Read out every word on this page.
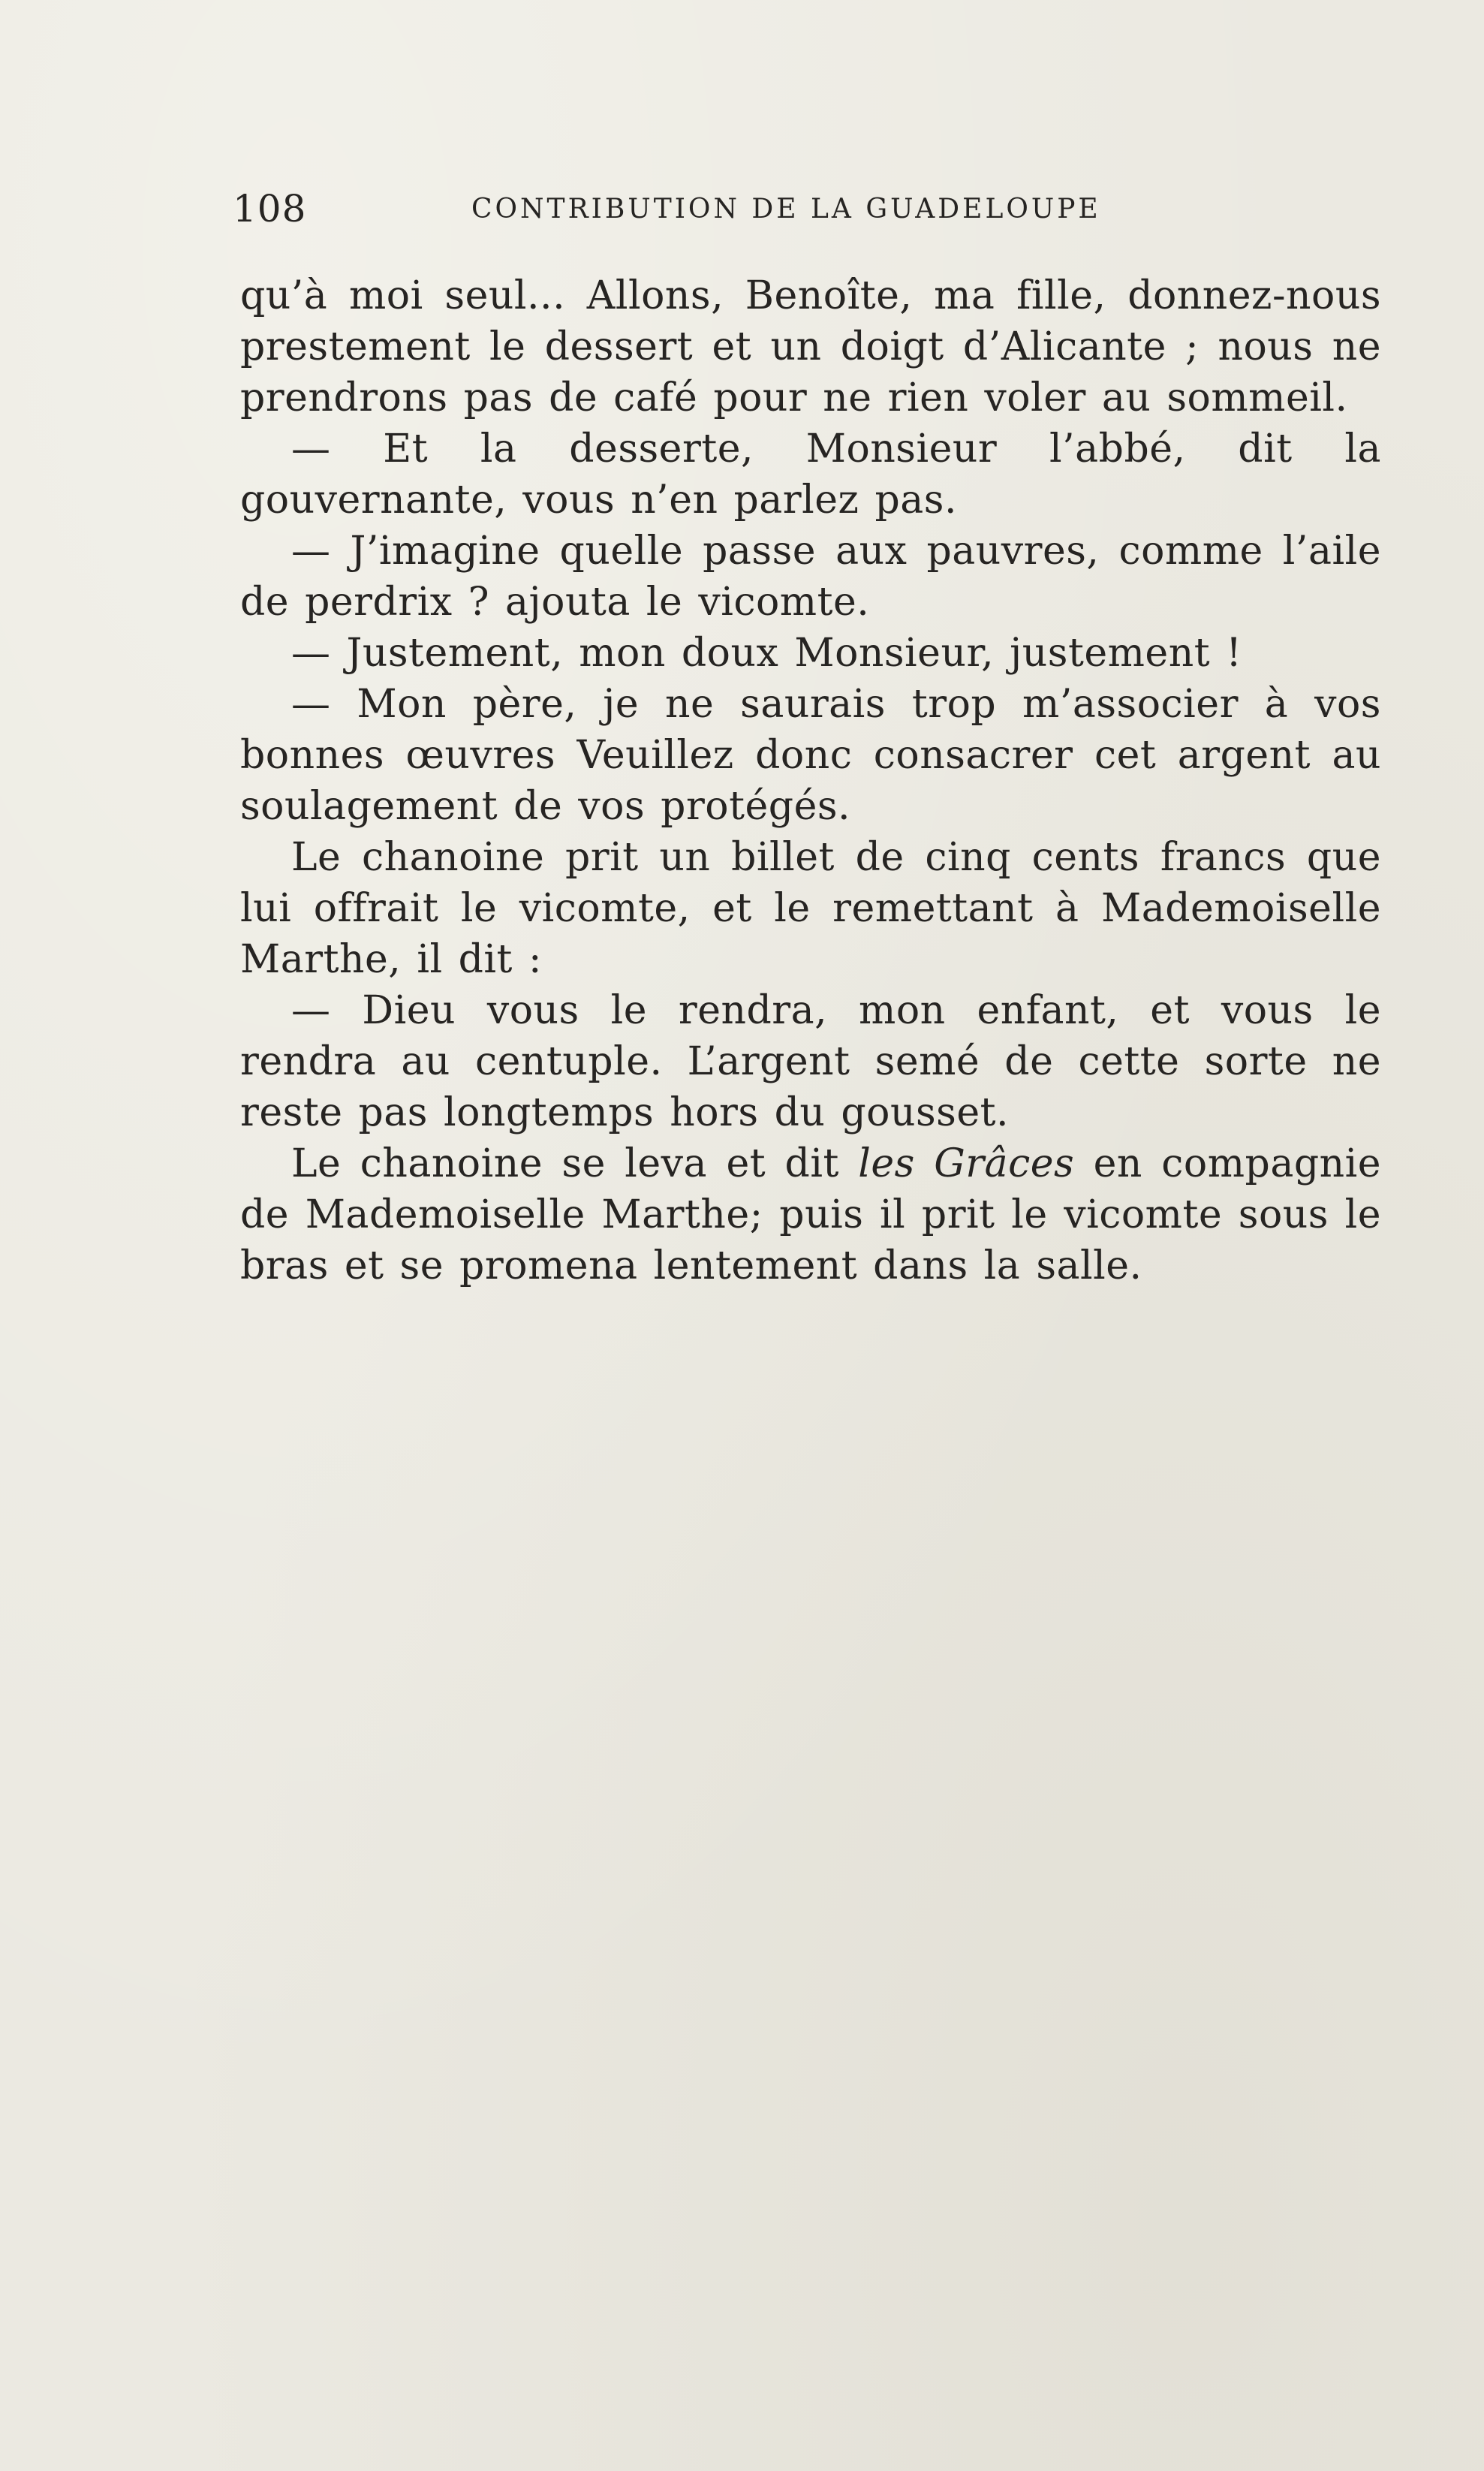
108	CONTRIBUTION DE LA GUADELOUPE

qu’à moi seul... Allons, Benoîte, ma fille, donnez-nous prestement le dessert et un doigt d’Alicante ; nous ne prendrons pas de café pour ne rien voler au sommeil.

— Et la desserte, Monsieur l’abbé, dit la gouvernante, vous n’en parlez pas.

— J’imagine quelle passe aux pauvres, comme l’aile de perdrix ? ajouta le vicomte.

— Justement, mon doux Monsieur, justement !

— Mon père, je ne saurais trop m’associer à vos bonnes œuvres Veuillez donc consacrer cet argent au soulagement de vos protégés.

Le chanoine prit un billet de cinq cents francs que lui offrait le vicomte, et le remettant à Mademoiselle Marthe, il dit :

— Dieu vous le rendra, mon enfant, et vous le rendra au centuple. L’argent semé de cette sorte ne reste pas longtemps hors du gousset.

Le chanoine se leva et dit les Grâces en compagnie de Mademoiselle Marthe; puis il prit le vicomte sous le bras et se promena lentement dans la salle.
